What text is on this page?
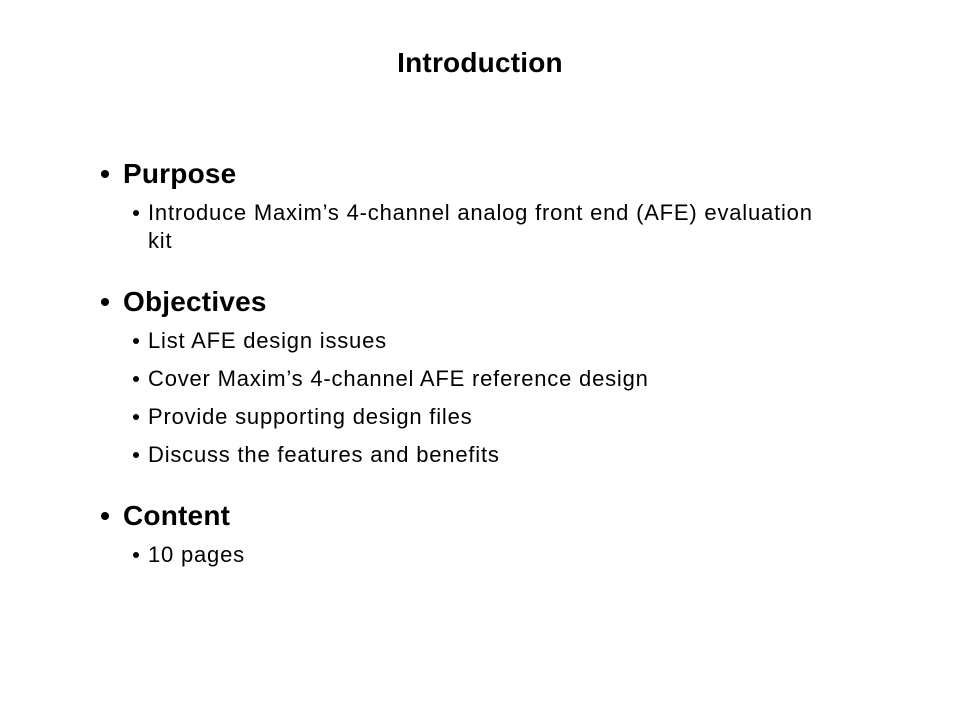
Introduction
Purpose
Introduce Maxim’s 4-channel analog front end (AFE) evaluation kit
Objectives
List AFE design issues
Cover Maxim’s 4-channel AFE reference design
Provide supporting design files
Discuss the features and benefits
Content
10 pages
